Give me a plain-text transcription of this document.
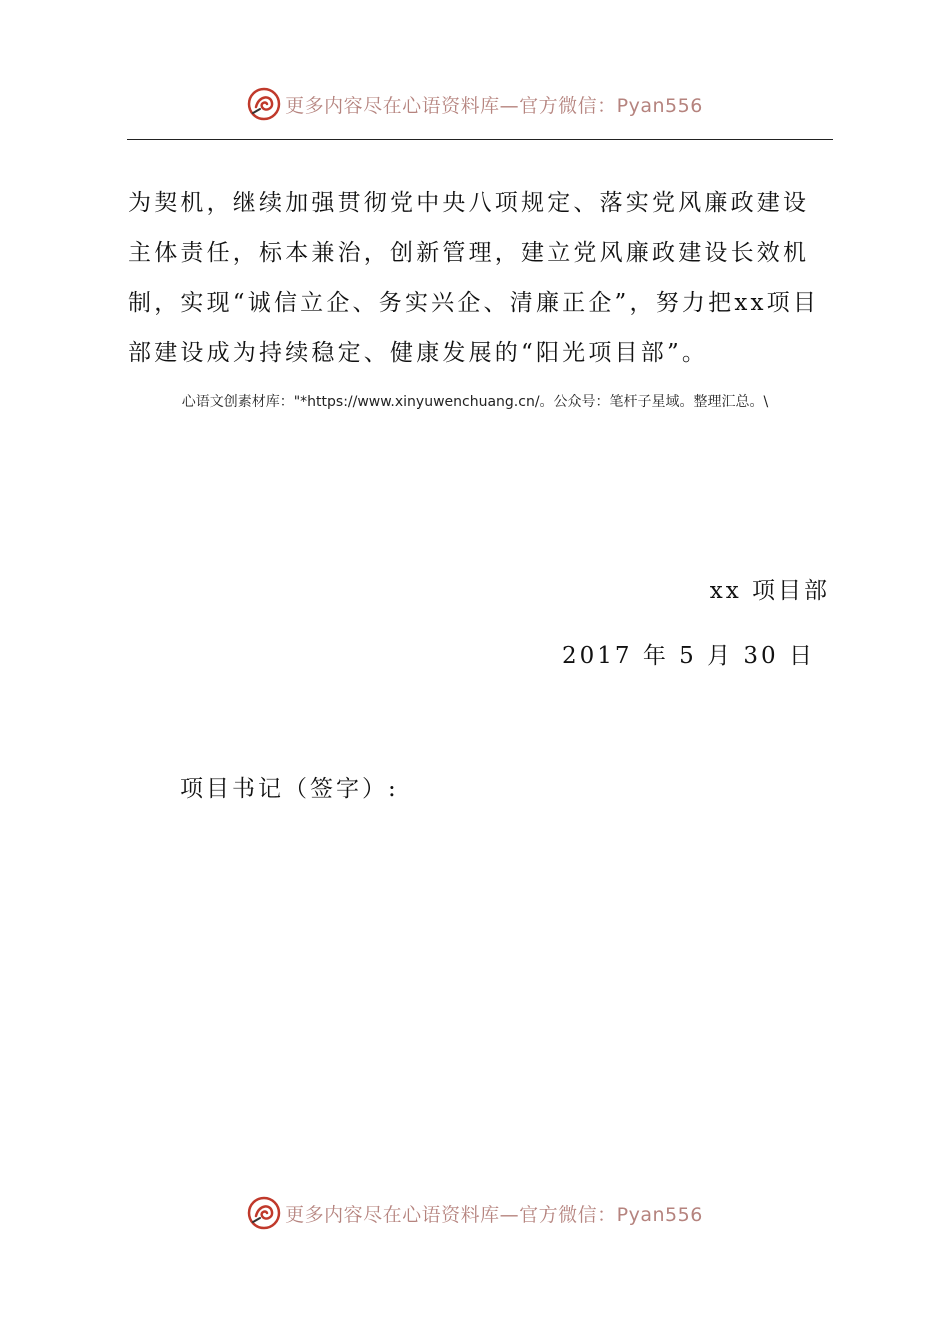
更多内容尽在心语资料库—官方微信：Pyan556

为契机，继续加强贯彻党中央八项规定、落实党风廉政建设主体责任，标本兼治，创新管理，建立党风廉政建设长效机制，实现“诚信立企、务实兴企、清廉正企”，努力把xx项目部建设成为持续稳定、健康发展的“阳光项目部”。

心语文创素材库："*https://www.xinyuwenchuang.cn/。公众号：笔杆子星域。整理汇总。\
xx 项目部
2017 年 5 月 30 日
项目书记（签字）:
更多内容尽在心语资料库—官方微信：Pyan556
